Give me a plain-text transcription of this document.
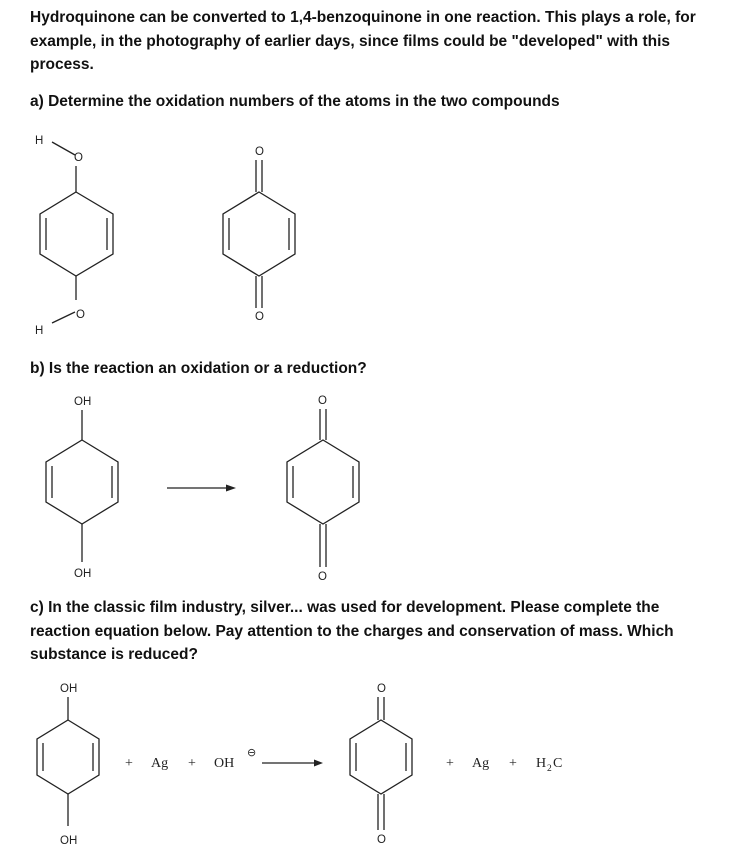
Hydroquinone can be converted to 1,4-benzoquinone in one reaction. This plays a role, for example, in the photography of earlier days, since films could be "developed" with this process.

a) Determine the oxidation numbers of the atoms in the two compounds

b) Is the reaction an oxidation or a reduction?

c) In the classic film industry, silver... was used for development. Please complete the reaction equation below. Pay attention to the charges and conservation of mass. Which substance is reduced?

H
O
O
H
O
O
OH
OH
O
O
OH
OH
+ Ag + OH
⊖
O
O
+ Ag + H 2 C
